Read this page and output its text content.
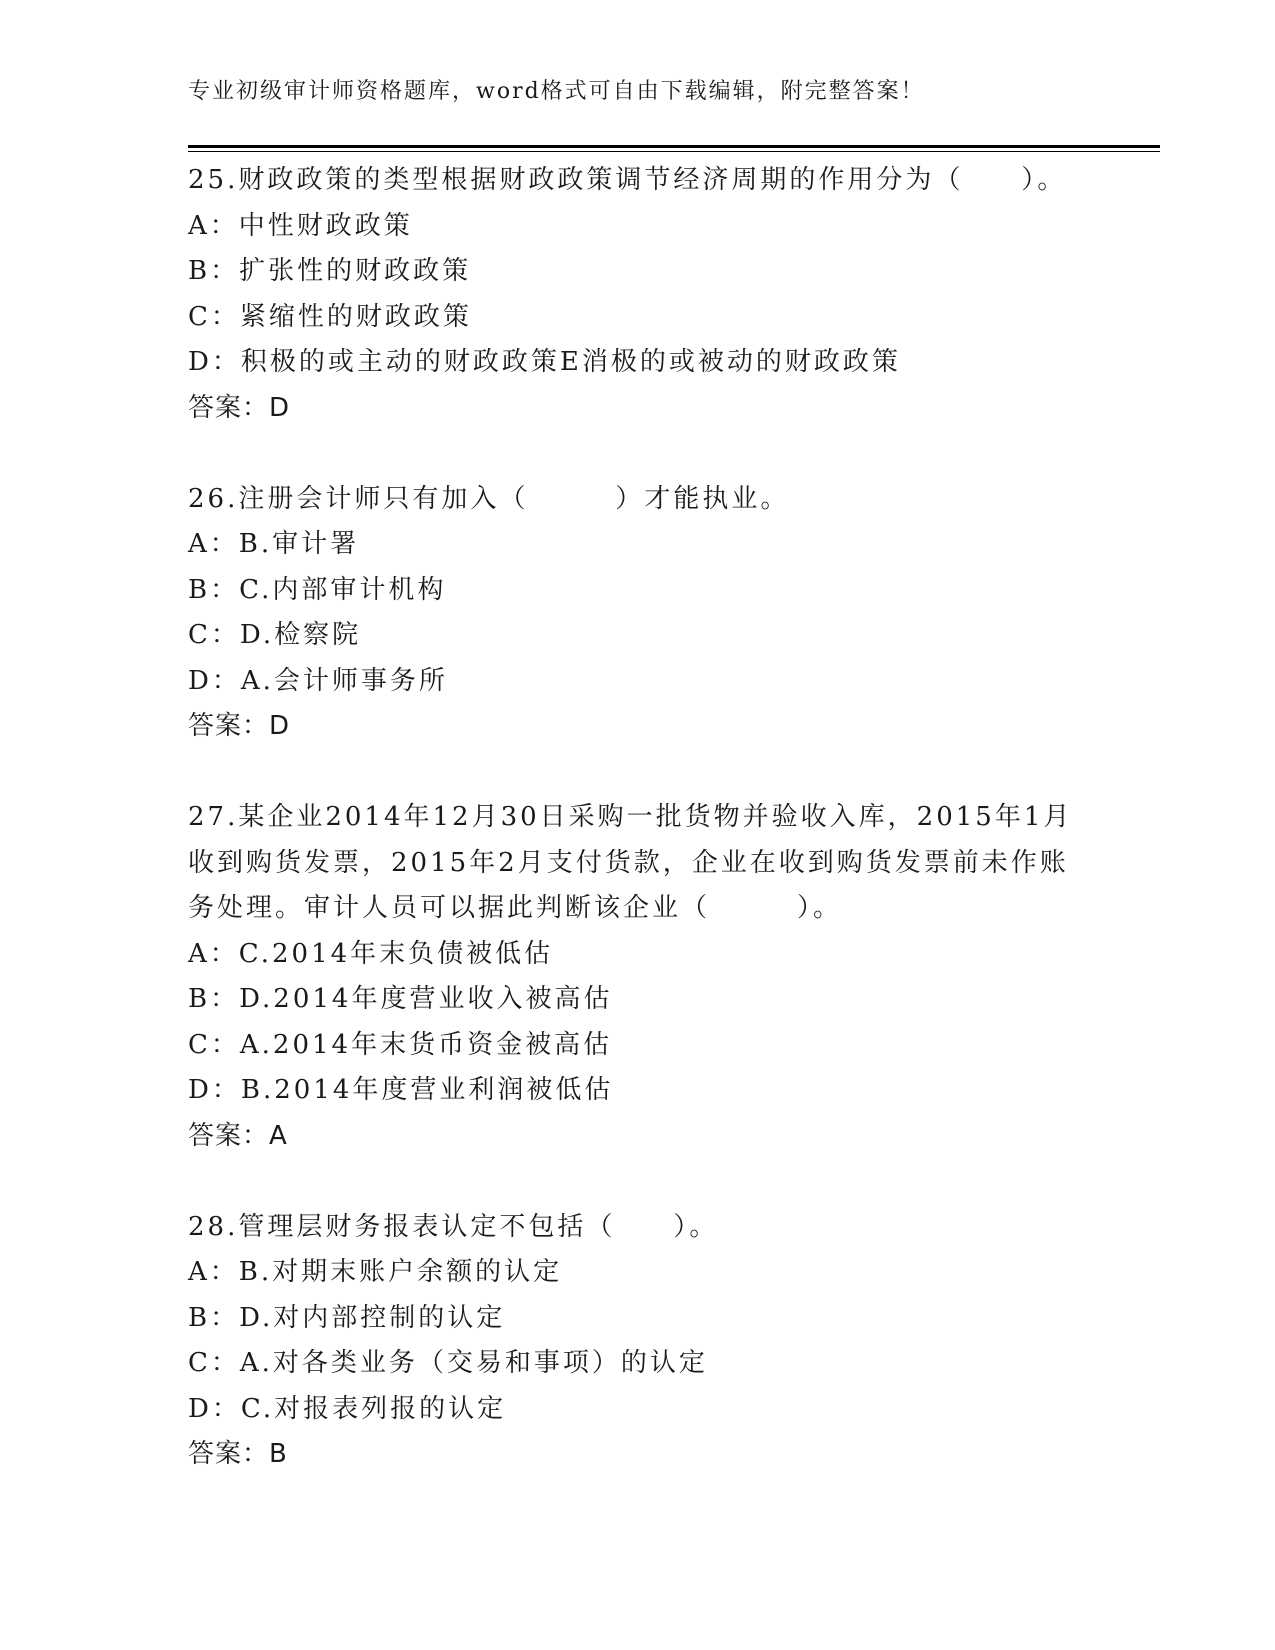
专业初级审计师资格题库，word格式可自由下载编辑，附完整答案！
25.财政政策的类型根据财政政策调节经济周期的作用分为（　　）。
A：中性财政政策
B：扩张性的财政政策
C：紧缩性的财政政策
D：积极的或主动的财政政策E消极的或被动的财政政策
答案：D
26.注册会计师只有加入（　　　）才能执业。
A：B.审计署
B：C.内部审计机构
C：D.检察院
D：A.会计师事务所
答案：D
27.某企业2014年12月30日采购一批货物并验收入库，2015年1月收到购货发票，2015年2月支付货款，企业在收到购货发票前未作账务处理。审计人员可以据此判断该企业（　　　）。
A：C.2014年末负债被低估
B：D.2014年度营业收入被高估
C：A.2014年末货币资金被高估
D：B.2014年度营业利润被低估
答案：A
28.管理层财务报表认定不包括（　　）。
A：B.对期末账户余额的认定
B：D.对内部控制的认定
C：A.对各类业务（交易和事项）的认定
D：C.对报表列报的认定
答案：B
